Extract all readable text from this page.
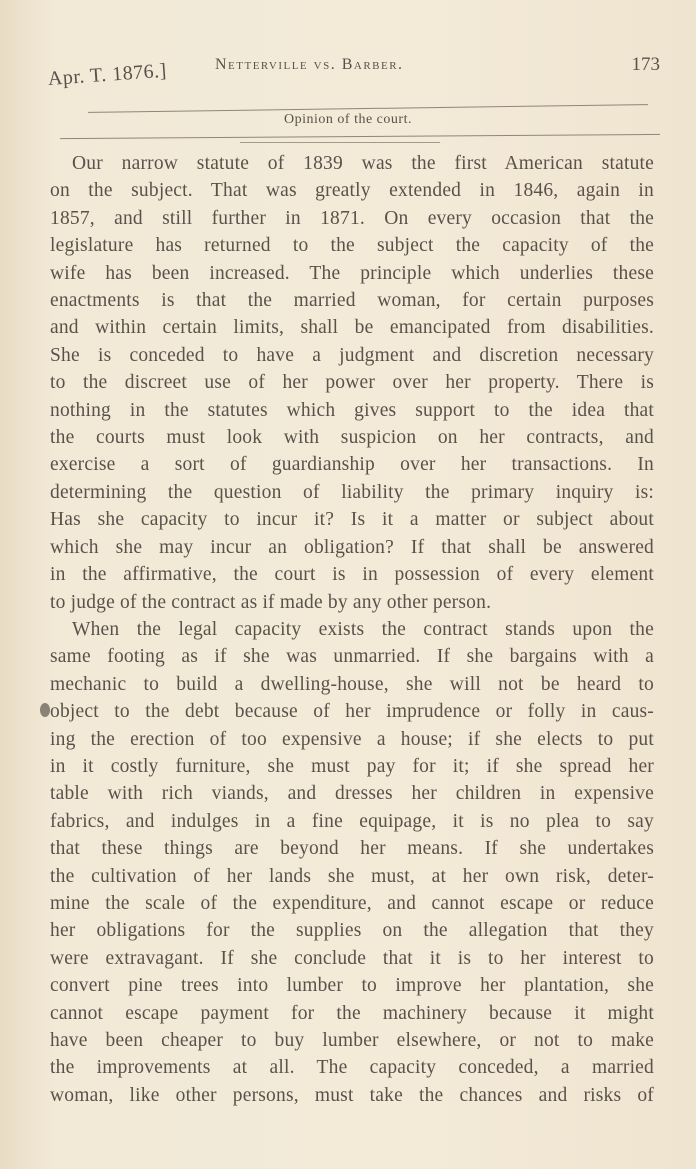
Apr. T. 1876.]	Netterville vs. Barber.	173
Opinion of the court.
Our narrow statute of 1839 was the first American statute
on the subject. That was greatly extended in 1846, again in
1857, and still further in 1871. On every occasion that the
legislature has returned to the subject the capacity of the
wife has been increased. The principle which underlies these
enactments is that the married woman, for certain purposes
and within certain limits, shall be emancipated from disabilities.
She is conceded to have a judgment and discretion necessary
to the discreet use of her power over her property. There is
nothing in the statutes which gives support to the idea that
the courts must look with suspicion on her contracts, and
exercise a sort of guardianship over her transactions. In
determining the question of liability the primary inquiry is:
Has she capacity to incur it? Is it a matter or subject about
which she may incur an obligation? If that shall be answered
in the affirmative, the court is in possession of every element
to judge of the contract as if made by any other person.
When the legal capacity exists the contract stands upon the
same footing as if she was unmarried. If she bargains with a
mechanic to build a dwelling-house, she will not be heard to
object to the debt because of her imprudence or folly in caus-
ing the erection of too expensive a house; if she elects to put
in it costly furniture, she must pay for it; if she spread her
table with rich viands, and dresses her children in expensive
fabrics, and indulges in a fine equipage, it is no plea to say
that these things are beyond her means. If she undertakes
the cultivation of her lands she must, at her own risk, deter-
mine the scale of the expenditure, and cannot escape or reduce
her obligations for the supplies on the allegation that they
were extravagant. If she conclude that it is to her interest to
convert pine trees into lumber to improve her plantation, she
cannot escape payment for the machinery because it might
have been cheaper to buy lumber elsewhere, or not to make
the improvements at all. The capacity conceded, a married
woman, like other persons, must take the chances and risks of
